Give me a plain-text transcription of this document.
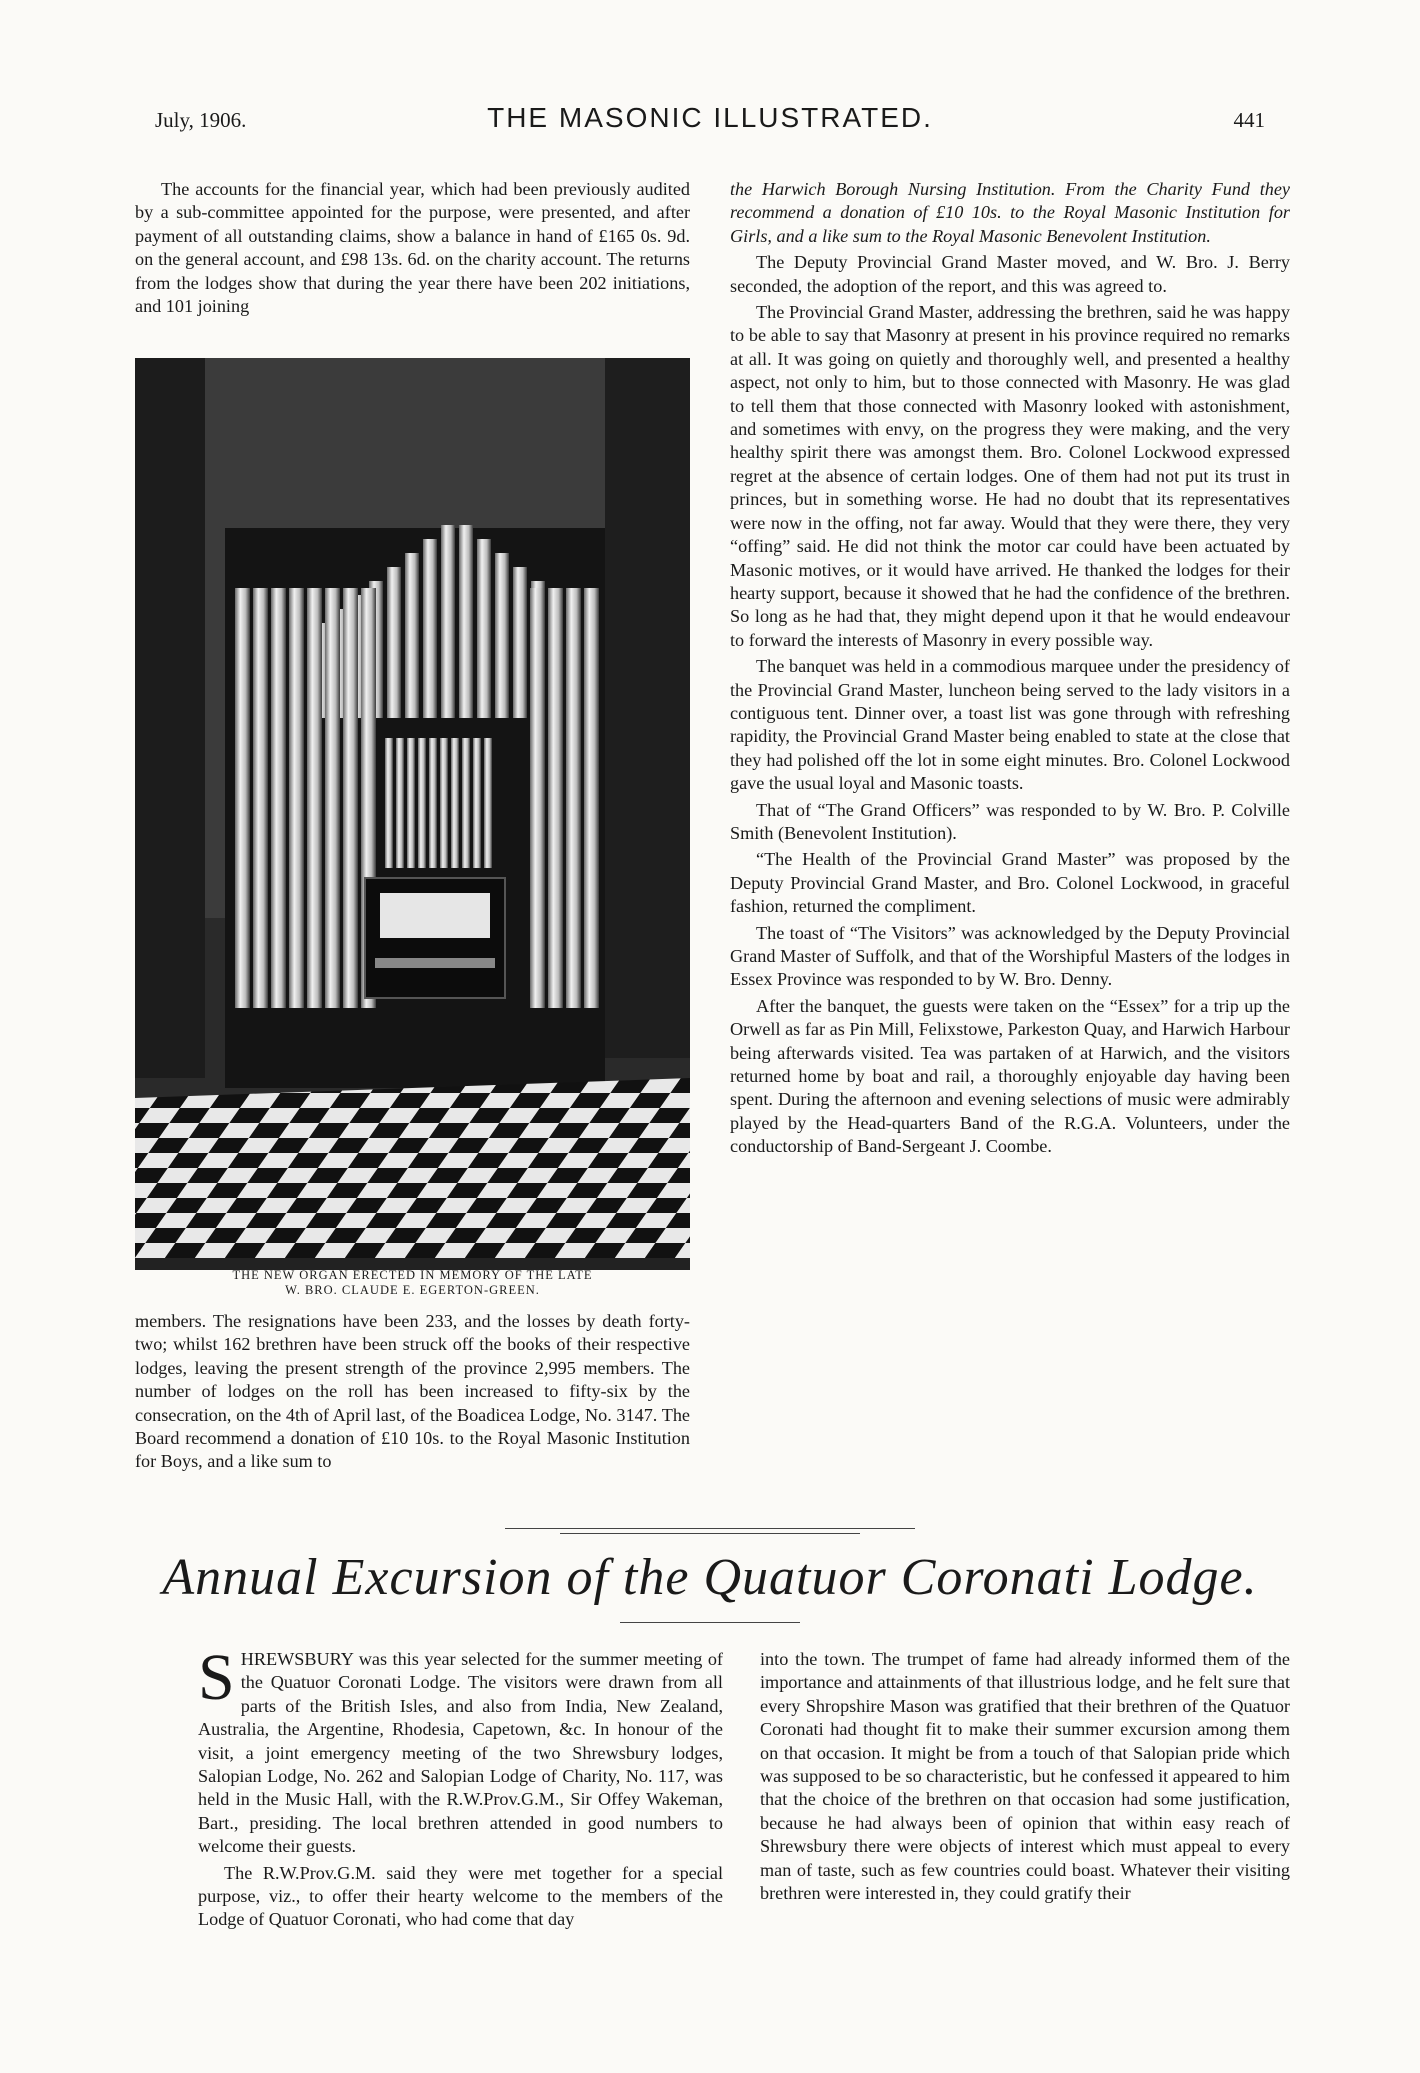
July, 1906.	THE MASONIC ILLUSTRATED.	441

The accounts for the financial year, which had been previously audited by a sub-committee appointed for the purpose, were presented, and after payment of all outstanding claims, show a balance in hand of £165 0s. 9d. on the general account, and £98 13s. 6d. on the charity account. The returns from the lodges show that during the year there have been 202 initiations, and 101 joining

THE NEW ORGAN ERECTED IN MEMORY OF THE LATE
W. BRO. CLAUDE E. EGERTON-GREEN.

members. The resignations have been 233, and the losses by death forty-two; whilst 162 brethren have been struck off the books of their respective lodges, leaving the present strength of the province 2,995 members. The number of lodges on the roll has been increased to fifty-six by the consecration, on the 4th of April last, of the Boadicea Lodge, No. 3147. The Board recommend a donation of £10 10s. to the Royal Masonic Institution for Boys, and a like sum to

the Harwich Borough Nursing Institution. From the Charity Fund they recommend a donation of £10 10s. to the Royal Masonic Institution for Girls, and a like sum to the Royal Masonic Benevolent Institution.

The Deputy Provincial Grand Master moved, and W. Bro. J. Berry seconded, the adoption of the report, and this was agreed to.

The Provincial Grand Master, addressing the brethren, said he was happy to be able to say that Masonry at present in his province required no remarks at all. It was going on quietly and thoroughly well, and presented a healthy aspect, not only to him, but to those connected with Masonry. He was glad to tell them that those connected with Masonry looked with astonishment, and sometimes with envy, on the progress they were making, and the very healthy spirit there was amongst them. Bro. Colonel Lockwood expressed regret at the absence of certain lodges. One of them had not put its trust in princes, but in something worse. He had no doubt that its representatives were now in the offing, not far away. Would that they were there, they very “offing” said. He did not think the motor car could have been actuated by Masonic motives, or it would have arrived. He thanked the lodges for their hearty support, because it showed that he had the confidence of the brethren. So long as he had that, they might depend upon it that he would endeavour to forward the interests of Masonry in every possible way.

The banquet was held in a commodious marquee under the presidency of the Provincial Grand Master, luncheon being served to the lady visitors in a contiguous tent. Dinner over, a toast list was gone through with refreshing rapidity, the Provincial Grand Master being enabled to state at the close that they had polished off the lot in some eight minutes. Bro. Colonel Lockwood gave the usual loyal and Masonic toasts.

That of “The Grand Officers” was responded to by W. Bro. P. Colville Smith (Benevolent Institution).

“The Health of the Provincial Grand Master” was proposed by the Deputy Provincial Grand Master, and Bro. Colonel Lockwood, in graceful fashion, returned the compliment.

The toast of “The Visitors” was acknowledged by the Deputy Provincial Grand Master of Suffolk, and that of the Worshipful Masters of the lodges in Essex Province was responded to by W. Bro. Denny.

After the banquet, the guests were taken on the “Essex” for a trip up the Orwell as far as Pin Mill, Felixstowe, Parkeston Quay, and Harwich Harbour being afterwards visited. Tea was partaken of at Harwich, and the visitors returned home by boat and rail, a thoroughly enjoyable day having been spent. During the afternoon and evening selections of music were admirably played by the Head-quarters Band of the R.G.A. Volunteers, under the conductorship of Band-Sergeant J. Coombe.

Annual Excursion of the Quatuor Coronati Lodge.

SHREWSBURY was this year selected for the summer meeting of the Quatuor Coronati Lodge. The visitors were drawn from all parts of the British Isles, and also from India, New Zealand, Australia, the Argentine, Rhodesia, Capetown, &c. In honour of the visit, a joint emergency meeting of the two Shrewsbury lodges, Salopian Lodge, No. 262 and Salopian Lodge of Charity, No. 117, was held in the Music Hall, with the R.W.Prov.G.M., Sir Offey Wakeman, Bart., presiding. The local brethren attended in good numbers to welcome their guests.

The R.W.Prov.G.M. said they were met together for a special purpose, viz., to offer their hearty welcome to the members of the Lodge of Quatuor Coronati, who had come that day

into the town. The trumpet of fame had already informed them of the importance and attainments of that illustrious lodge, and he felt sure that every Shropshire Mason was gratified that their brethren of the Quatuor Coronati had thought fit to make their summer excursion among them on that occasion. It might be from a touch of that Salopian pride which was supposed to be so characteristic, but he confessed it appeared to him that the choice of the brethren on that occasion had some justification, because he had always been of opinion that within easy reach of Shrewsbury there were objects of interest which must appeal to every man of taste, such as few countries could boast. Whatever their visiting brethren were interested in, they could gratify their
